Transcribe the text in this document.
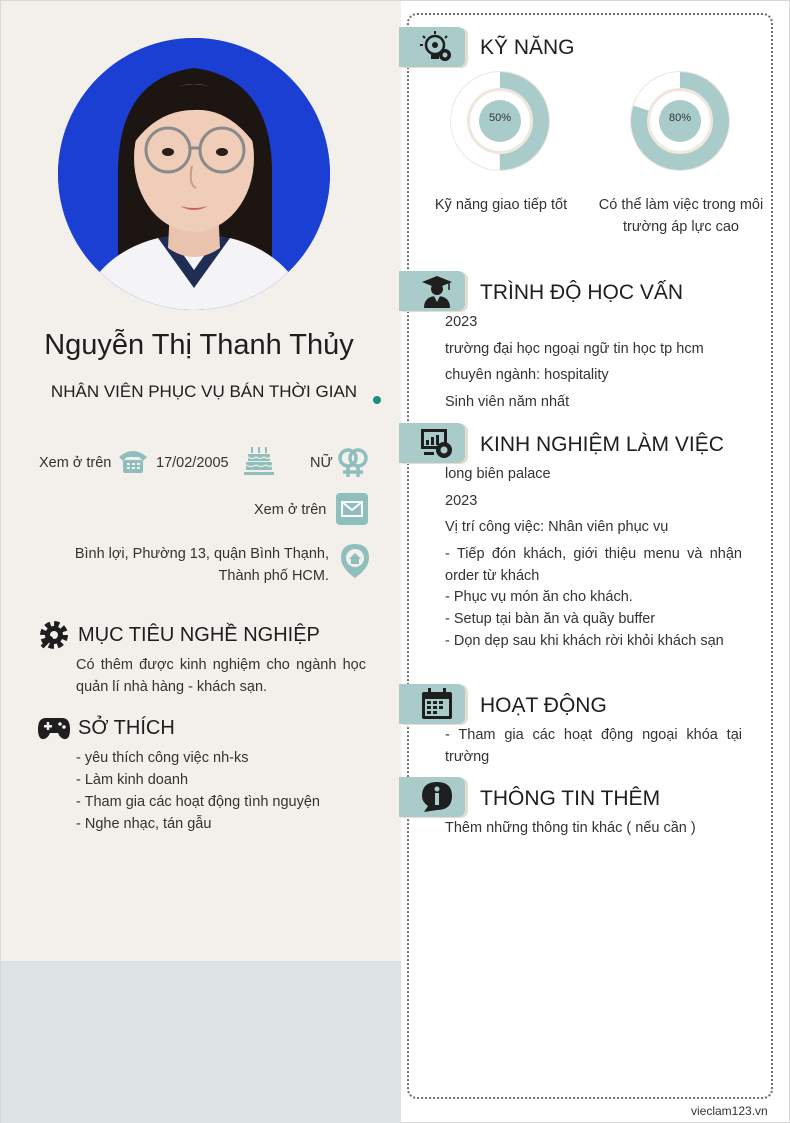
Nguyễn Thị Thanh Thủy
NHÂN VIÊN PHỤC VỤ BÁN THỜI GIAN
Xem ở trên	17/02/2005	NỮ
Xem ở trên
Bình lợi, Phường 13, quận Bình Thạnh, Thành phố HCM.
MỤC TIÊU NGHỀ NGHIỆP
Có thêm được kinh nghiệm cho ngành học quản lí nhà hàng - khách sạn.
SỞ THÍCH
- yêu thích công việc nh-ks
- Làm kinh doanh
- Tham gia các hoạt động tình nguyện
- Nghe nhạc, tán gẫu
KỸ NĂNG
50%	80%
Kỹ năng giao tiếp tốt	Có thể làm việc trong môi trường áp lực cao
TRÌNH ĐỘ HỌC VẤN
2023
trường đại học ngoại ngữ tin học tp hcm
chuyên ngành: hospitality
Sinh viên năm nhất
KINH NGHIỆM LÀM VIỆC
long biên palace
2023
Vị trí công việc: Nhân viên phục vụ
- Tiếp đón khách, giới thiệu menu và nhận order từ khách
- Phục vụ món ăn cho khách.
- Setup tại bàn ăn và quầy buffer
- Dọn dẹp sau khi khách rời khỏi khách sạn
HOẠT ĐỘNG
- Tham gia các hoạt động ngoại khóa tại trường
THÔNG TIN THÊM
Thêm những thông tin khác ( nếu cần )
vieclam123.vn
